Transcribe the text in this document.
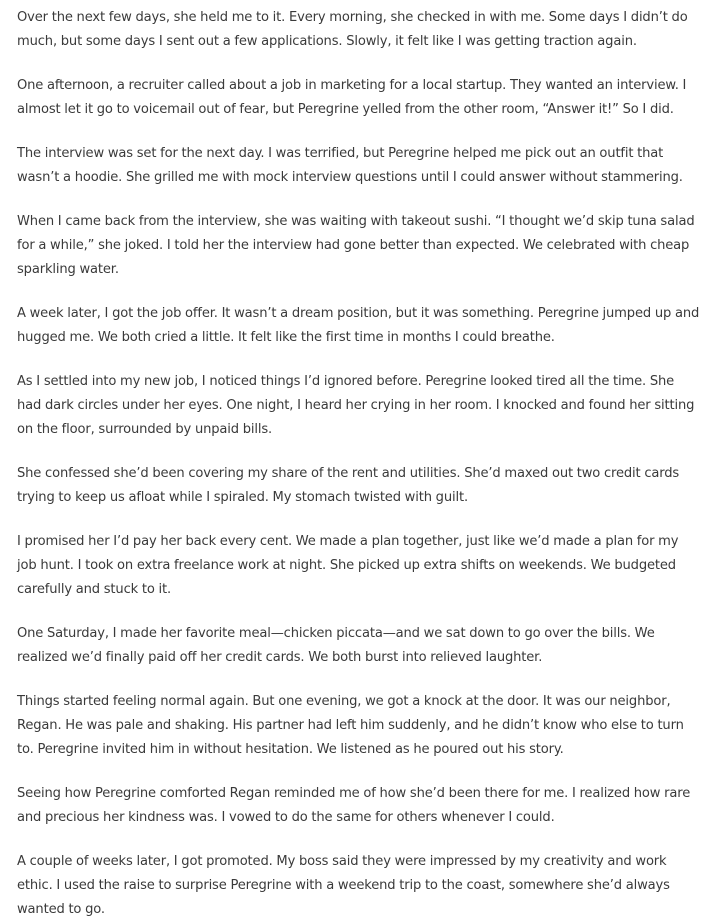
Over the next few days, she held me to it. Every morning, she checked in with me. Some days I didn’t do much, but some days I sent out a few applications. Slowly, it felt like I was getting traction again.

One afternoon, a recruiter called about a job in marketing for a local startup. They wanted an interview. I almost let it go to voicemail out of fear, but Peregrine yelled from the other room, “Answer it!” So I did.

The interview was set for the next day. I was terrified, but Peregrine helped me pick out an outfit that wasn’t a hoodie. She grilled me with mock interview questions until I could answer without stammering.

When I came back from the interview, she was waiting with takeout sushi. “I thought we’d skip tuna salad for a while,” she joked. I told her the interview had gone better than expected. We celebrated with cheap sparkling water.

A week later, I got the job offer. It wasn’t a dream position, but it was something. Peregrine jumped up and hugged me. We both cried a little. It felt like the first time in months I could breathe.

As I settled into my new job, I noticed things I’d ignored before. Peregrine looked tired all the time. She had dark circles under her eyes. One night, I heard her crying in her room. I knocked and found her sitting on the floor, surrounded by unpaid bills.

She confessed she’d been covering my share of the rent and utilities. She’d maxed out two credit cards trying to keep us afloat while I spiraled. My stomach twisted with guilt.

I promised her I’d pay her back every cent. We made a plan together, just like we’d made a plan for my job hunt. I took on extra freelance work at night. She picked up extra shifts on weekends. We budgeted carefully and stuck to it.

One Saturday, I made her favorite meal—chicken piccata—and we sat down to go over the bills. We realized we’d finally paid off her credit cards. We both burst into relieved laughter.

Things started feeling normal again. But one evening, we got a knock at the door. It was our neighbor, Regan. He was pale and shaking. His partner had left him suddenly, and he didn’t know who else to turn to. Peregrine invited him in without hesitation. We listened as he poured out his story.

Seeing how Peregrine comforted Regan reminded me of how she’d been there for me. I realized how rare and precious her kindness was. I vowed to do the same for others whenever I could.

A couple of weeks later, I got promoted. My boss said they were impressed by my creativity and work ethic. I used the raise to surprise Peregrine with a weekend trip to the coast, somewhere she’d always wanted to go.
